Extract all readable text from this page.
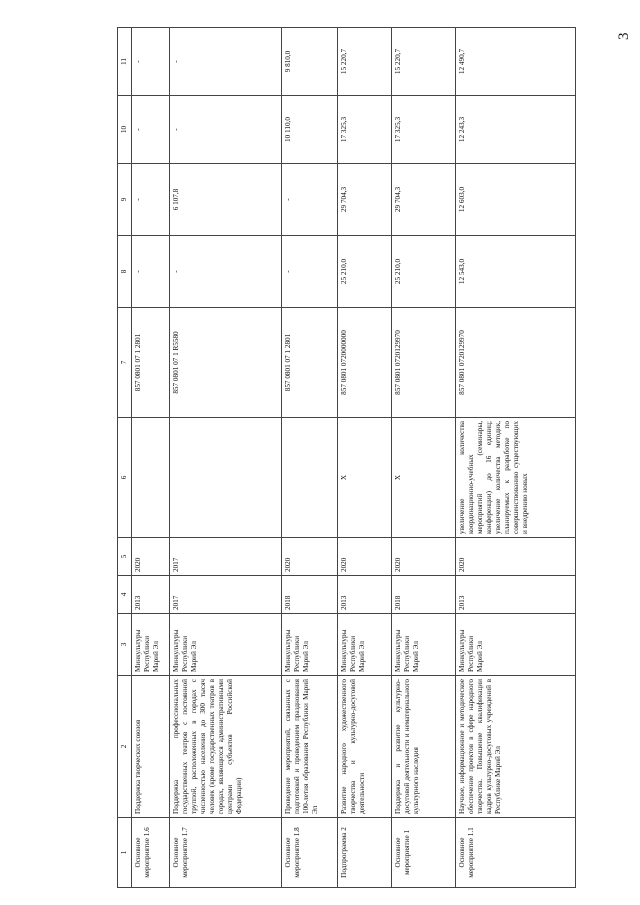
3
1	2	3	4	5	6	7	8	9	10	11
Основное мероприятие 1.6	Поддержка творческих союзов	Минкультуры Республики Марий Эл	2013	2020		857 0801 07 1 2801	-	-	-	-
Основное мероприятие 1.7	Поддержка профессиональных государственных театров с постоянной труппой, расположенных в городах с численностью населения до 300 тысяч человек (кроме государственных театров в городах, являющихся административными центрами субъектов Российской Федерации)	Минкультуры Республики Марий Эл	2017	2017		857 0801 07 1 R5580	-	6 107,8	-	-
Основное мероприятие 1.8	Проведение мероприятий, связанных с подготовкой и проведением празднования 100-летия образования Республики Марий Эл	Минкультуры Республики Марий Эл	2018	2020		857 0801 07 1 2801	-	-	10 110,0	9 810,0
Подпрограмма 2	Развитие народного художественного творчества и культурно-досуговой деятельности	Минкультуры Республики Марий Эл	2013	2020	Х	857 0801 0720000000	25 210,0	29 704,3	17 325,3	15 220,7
Основное мероприятие 1	Поддержка и развитие культурно-досуговой деятельности и нематериального культурного наследия	Минкультуры Республики Марий Эл	2018	2020	Х	857 0801 0720129970	25 210,0	29 704,3	17 325,3	15 220,7
Основное мероприятие 1.1	Научное, информационное и методическое обеспечение проектов в сфере народного творчества. Повышение квалификации кадров культурно-досуговых учреждений в Республике Марий Эл	Минкультуры Республики Марий Эл	2013	2020	увеличение количества координационно-учебных мероприятий (семинары, конференции) до 16 единиц; увеличение количества методик, планируемых к разработке по совершенствованию существующих и внедрению новых	857 0801 0720129970	12 543,0	12 603,0	12 243,3	12 490,7
